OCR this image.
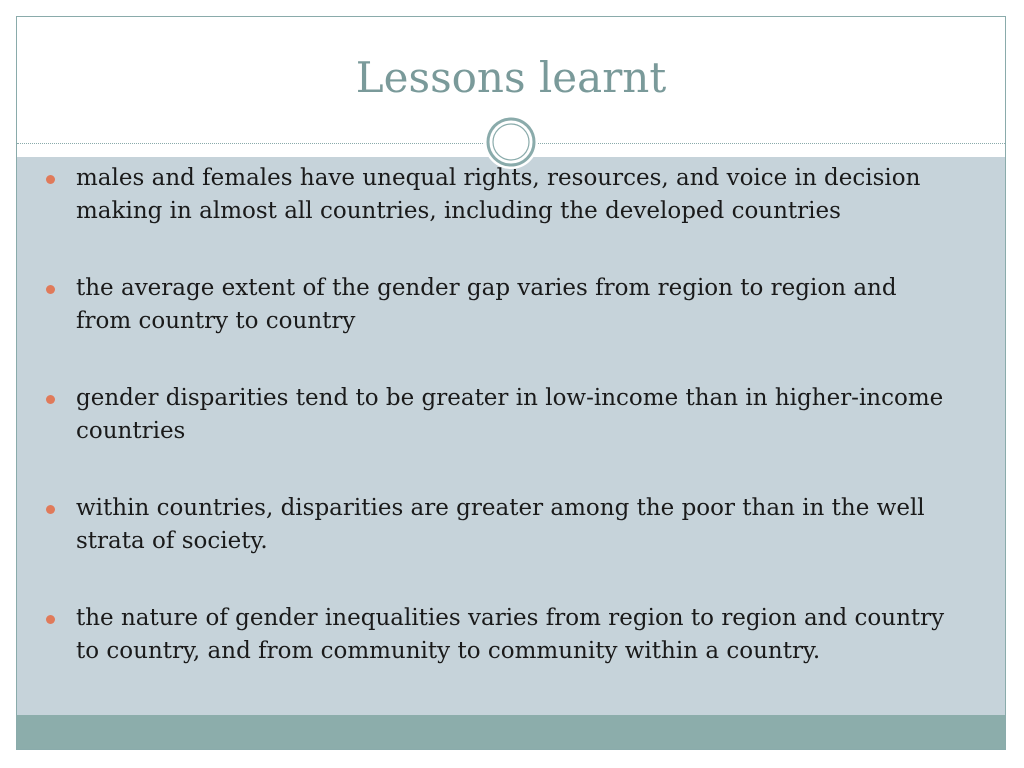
Lessons learnt
males and females have unequal rights, resources, and voice in decision making in almost all countries, including the developed countries
the average extent of the gender gap varies from region to region and from country to country
gender disparities tend to be greater in low-income than in higher-income countries
within countries, disparities are greater among the poor than in the well strata of society.
the nature of gender inequalities varies from region to region and country to country, and from community to community within a country.
